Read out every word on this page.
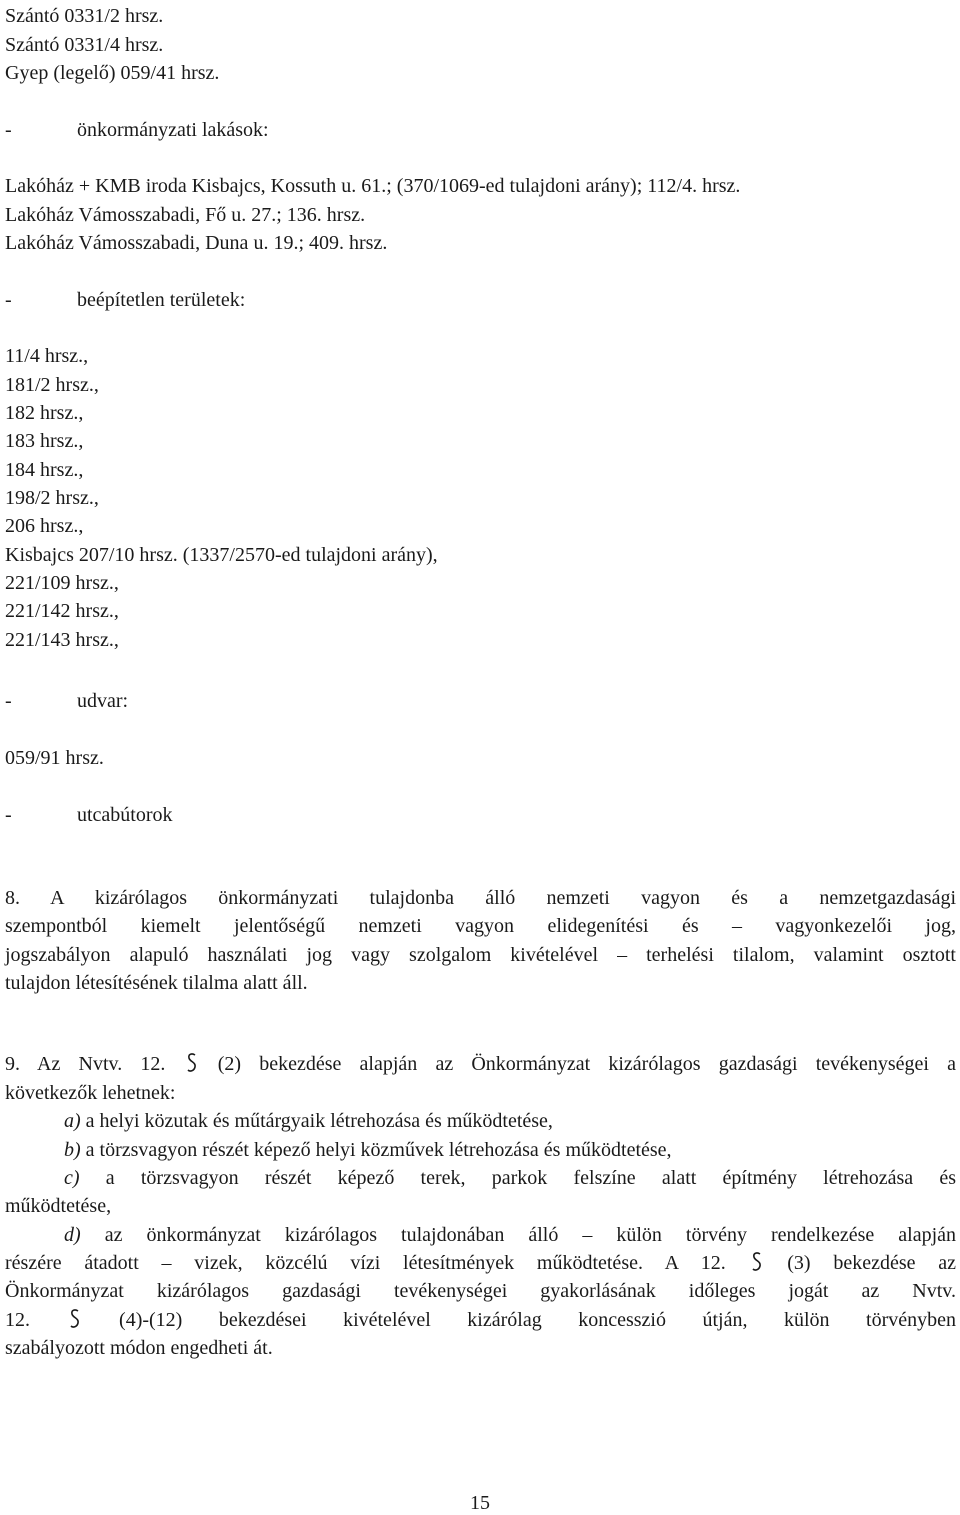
Szántó 0331/2 hrsz.
Szántó 0331/4 hrsz.
Gyep (legelő) 059/41 hrsz.
-	önkormányzati lakások:
Lakóház + KMB iroda Kisbajcs, Kossuth u. 61.; (370/1069-ed tulajdoni arány); 112/4. hrsz.
Lakóház Vámosszabadi, Fő u. 27.; 136. hrsz.
Lakóház Vámosszabadi, Duna u. 19.; 409. hrsz.
-	beépítetlen területek:
11/4 hrsz.,
181/2 hrsz.,
182 hrsz.,
183 hrsz.,
184 hrsz.,
198/2 hrsz.,
206 hrsz.,
Kisbajcs 207/10 hrsz. (1337/2570-ed tulajdoni arány),
221/109 hrsz.,
221/142 hrsz.,
221/143 hrsz.,
-	udvar:
059/91 hrsz.
-	utcabútorok
8. A kizárólagos önkormányzati tulajdonba álló nemzeti vagyon és a nemzetgazdasági
szempontból kiemelt jelentőségű nemzeti vagyon elidegenítési és – vagyonkezelői jog,
jogszabályon alapuló használati jog vagy szolgalom kivételével – terhelési tilalom, valamint osztott
tulajdon létesítésének tilalma alatt áll.
9. Az Nvtv. 12.	(2) bekezdése alapján az Önkormányzat kizárólagos gazdasági tevékenységei a
következők lehetnek:
a) a helyi közutak és műtárgyaik létrehozása és működtetése,
b) a törzsvagyon részét képező helyi közművek létrehozása és működtetése,
c) a törzsvagyon részét képező terek, parkok felszíne alatt építmény létrehozása és
működtetése,
d) az önkormányzat kizárólagos tulajdonában álló – külön törvény rendelkezése alapján
részére átadott – vizek, közcélú vízi létesítmények működtetése. A 12.	(3) bekezdése az
Önkormányzat kizárólagos gazdasági tevékenységei gyakorlásának időleges jogát az Nvtv.
12.	(4)-(12) bekezdései kivételével kizárólag koncesszió útján, külön törvényben
szabályozott módon engedheti át.
15
